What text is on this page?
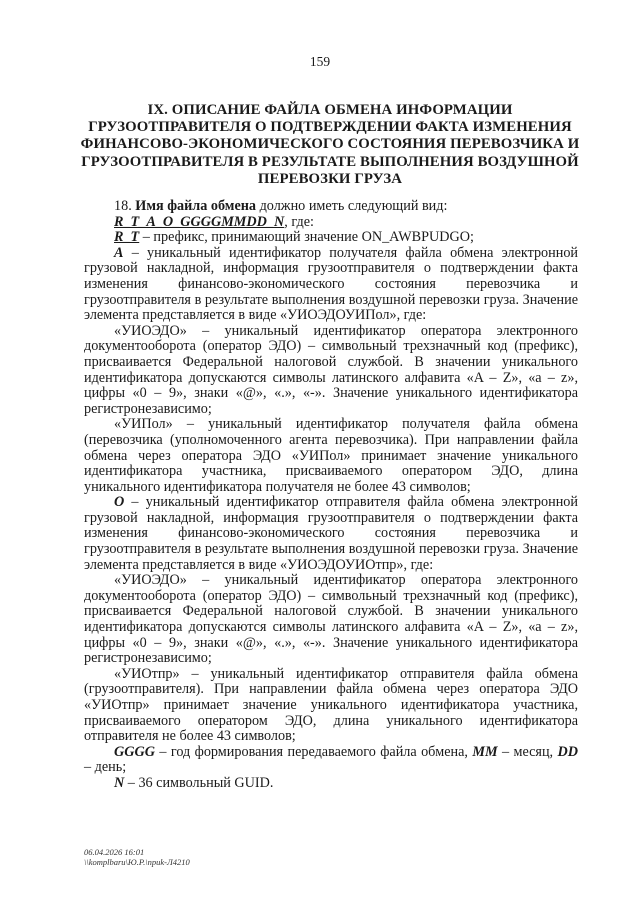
159
IX. ОПИСАНИЕ ФАЙЛА ОБМЕНА ИНФОРМАЦИИ ГРУЗООТПРАВИТЕЛЯ О ПОДТВЕРЖДЕНИИ ФАКТА ИЗМЕНЕНИЯ ФИНАНСОВО-ЭКОНОМИЧЕСКОГО СОСТОЯНИЯ ПЕРЕВОЗЧИКА И ГРУЗООТПРАВИТЕЛЯ В РЕЗУЛЬТАТЕ ВЫПОЛНЕНИЯ ВОЗДУШНОЙ ПЕРЕВОЗКИ ГРУЗА

18. Имя файла обмена должно иметь следующий вид:

R_T_A_O_GGGGMMDD_N, где:

R_T – префикс, принимающий значение ON_AWBPUDGO;

A – уникальный идентификатор получателя файла обмена электронной грузовой накладной, информация грузоотправителя о подтверждении факта изменения финансово-экономического состояния перевозчика и грузоотправителя в результате выполнения воздушной перевозки груза. Значение элемента представляется в виде «УИОЭДОУИПол», где:

«УИОЭДО» – уникальный идентификатор оператора электронного документооборота (оператор ЭДО) – символьный трехзначный код (префикс), присваивается Федеральной налоговой службой. В значении уникального идентификатора допускаются символы латинского алфавита «A – Z», «a – z», цифры «0 – 9», знаки «@», «.», «-». Значение уникального идентификатора регистронезависимо;

«УИПол» – уникальный идентификатор получателя файла обмена (перевозчика (уполномоченного агента перевозчика). При направлении файла обмена через оператора ЭДО «УИПол» принимает значение уникального идентификатора участника, присваиваемого оператором ЭДО, длина уникального идентификатора получателя не более 43 символов;

O – уникальный идентификатор отправителя файла обмена электронной грузовой накладной, информация грузоотправителя о подтверждении факта изменения финансово-экономического состояния перевозчика и грузоотправителя в результате выполнения воздушной перевозки груза. Значение элемента представляется в виде «УИОЭДОУИОтпр», где:

«УИОЭДО» – уникальный идентификатор оператора электронного документооборота (оператор ЭДО) – символьный трехзначный код (префикс), присваивается Федеральной налоговой службой. В значении уникального идентификатора допускаются символы латинского алфавита «A – Z», «a – z», цифры «0 – 9», знаки «@», «.», «-». Значение уникального идентификатора регистронезависимо;

«УИОтпр» – уникальный идентификатор отправителя файла обмена (грузоотправителя). При направлении файла обмена через оператора ЭДО «УИОтпр» принимает значение уникального идентификатора участника, присваиваемого оператором ЭДО, длина уникального идентификатора отправителя не более 43 символов;

GGGG – год формирования передаваемого файла обмена, MM – месяц, DD – день;

N – 36 символьный GUID.

06.04.2026 16:01
\\komplbaru\Ю.Р.\npuk-Л4210
